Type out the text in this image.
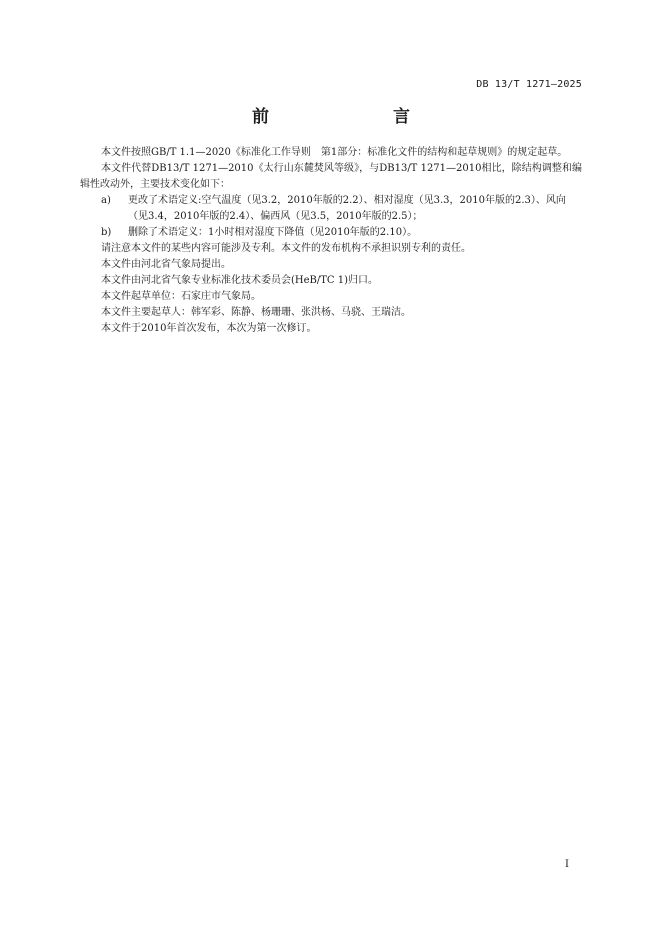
DB 13/T 1271—2025
前　　言

本文件按照GB/T 1.1—2020《标准化工作导则　第1部分：标准化文件的结构和起草规则》的规定起草。

本文件代替DB13/T 1271—2010《太行山东麓焚风等级》，与DB13/T 1271—2010相比，除结构调整和编辑性改动外，主要技术变化如下：

a) 更改了术语定义:空气温度（见3.2，2010年版的2.2）、相对湿度（见3.3，2010年版的2.3）、风向（见3.4，2010年版的2.4）、偏西风（见3.5，2010年版的2.5）；

b) 删除了术语定义：1小时相对湿度下降值（见2010年版的2.10）。

请注意本文件的某些内容可能涉及专利。本文件的发布机构不承担识别专利的责任。

本文件由河北省气象局提出。

本文件由河北省气象专业标准化技术委员会(HeB/TC 1)归口。

本文件起草单位：石家庄市气象局。

本文件主要起草人：韩军彩、陈静、杨珊珊、张洪杨、马骁、王瑞洁。

本文件于2010年首次发布，本次为第一次修订。

I
